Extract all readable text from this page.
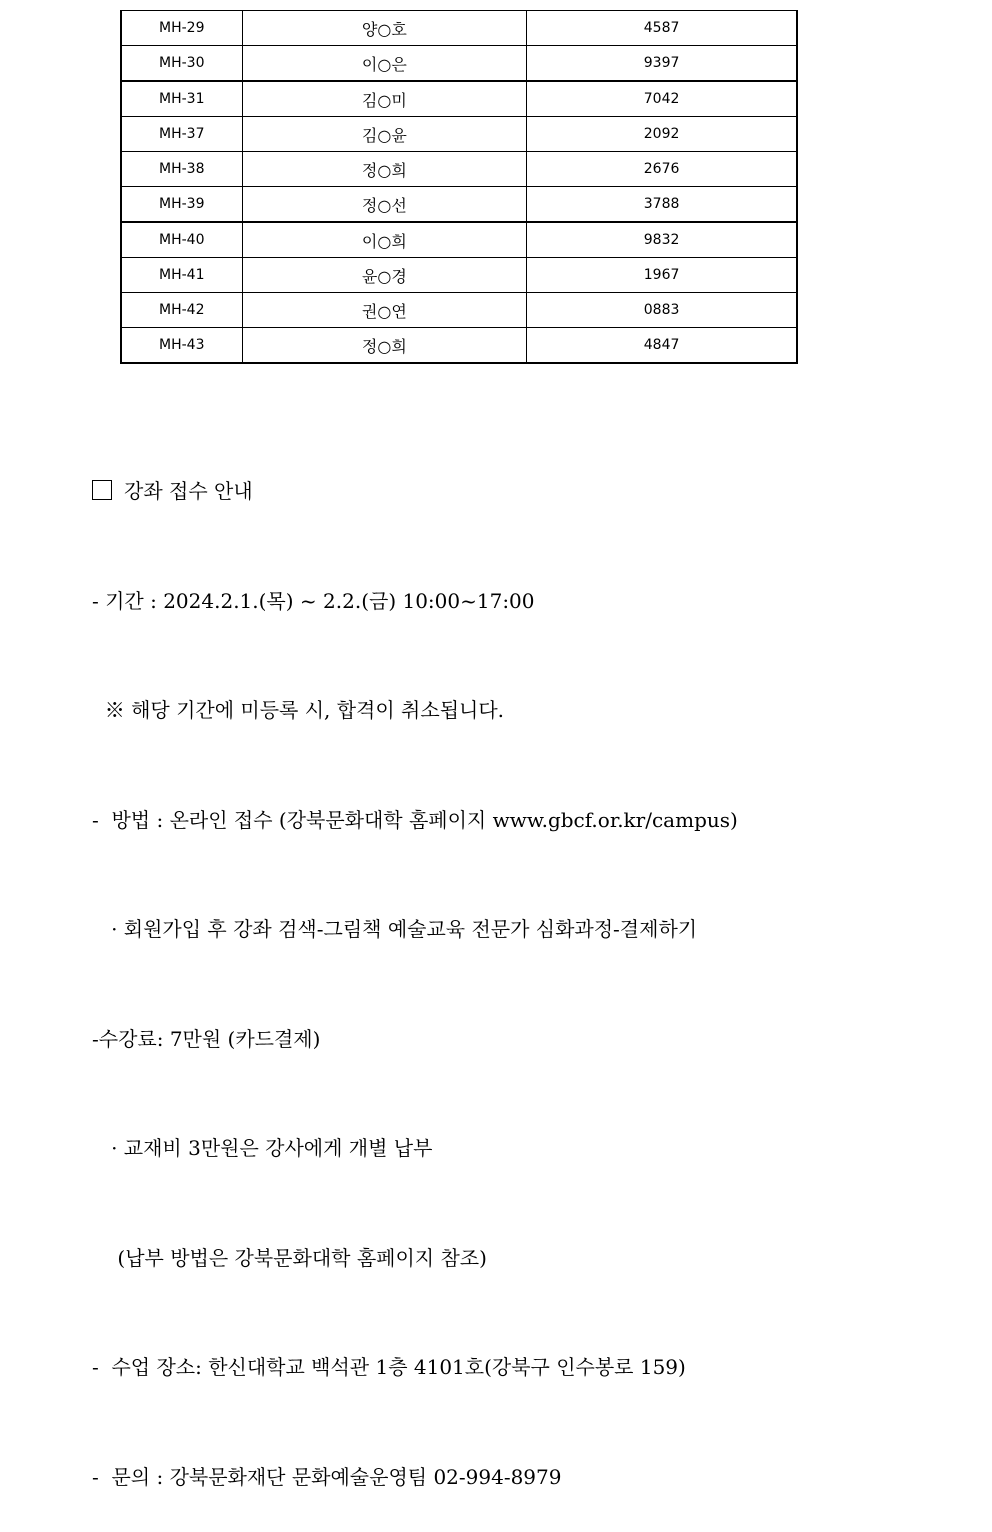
MH-29	양○호	4587
MH-30	이○은	9397
MH-31	김○미	7042
MH-37	김○윤	2092
MH-38	정○희	2676
MH-39	정○선	3788
MH-40	이○희	9832
MH-41	윤○경	1967
MH-42	권○연	0883
MH-43	정○희	4847

강좌 접수 안내

- 기간 : 2024.2.1.(목) ~ 2.2.(금) 10:00~17:00

※ 해당 기간에 미등록 시, 합격이 취소됩니다.

-  방법 : 온라인 접수 (강북문화대학 홈페이지 www.gbcf.or.kr/campus)

· 회원가입 후 강좌 검색-그림책 예술교육 전문가 심화과정-결제하기

-수강료: 7만원 (카드결제)

· 교재비 3만원은 강사에게 개별 납부

(납부 방법은 강북문화대학 홈페이지 참조)

-  수업 장소: 한신대학교 백석관 1층 4101호(강북구 인수봉로 159)

-  문의 : 강북문화재단 문화예술운영팀 02-994-8979
